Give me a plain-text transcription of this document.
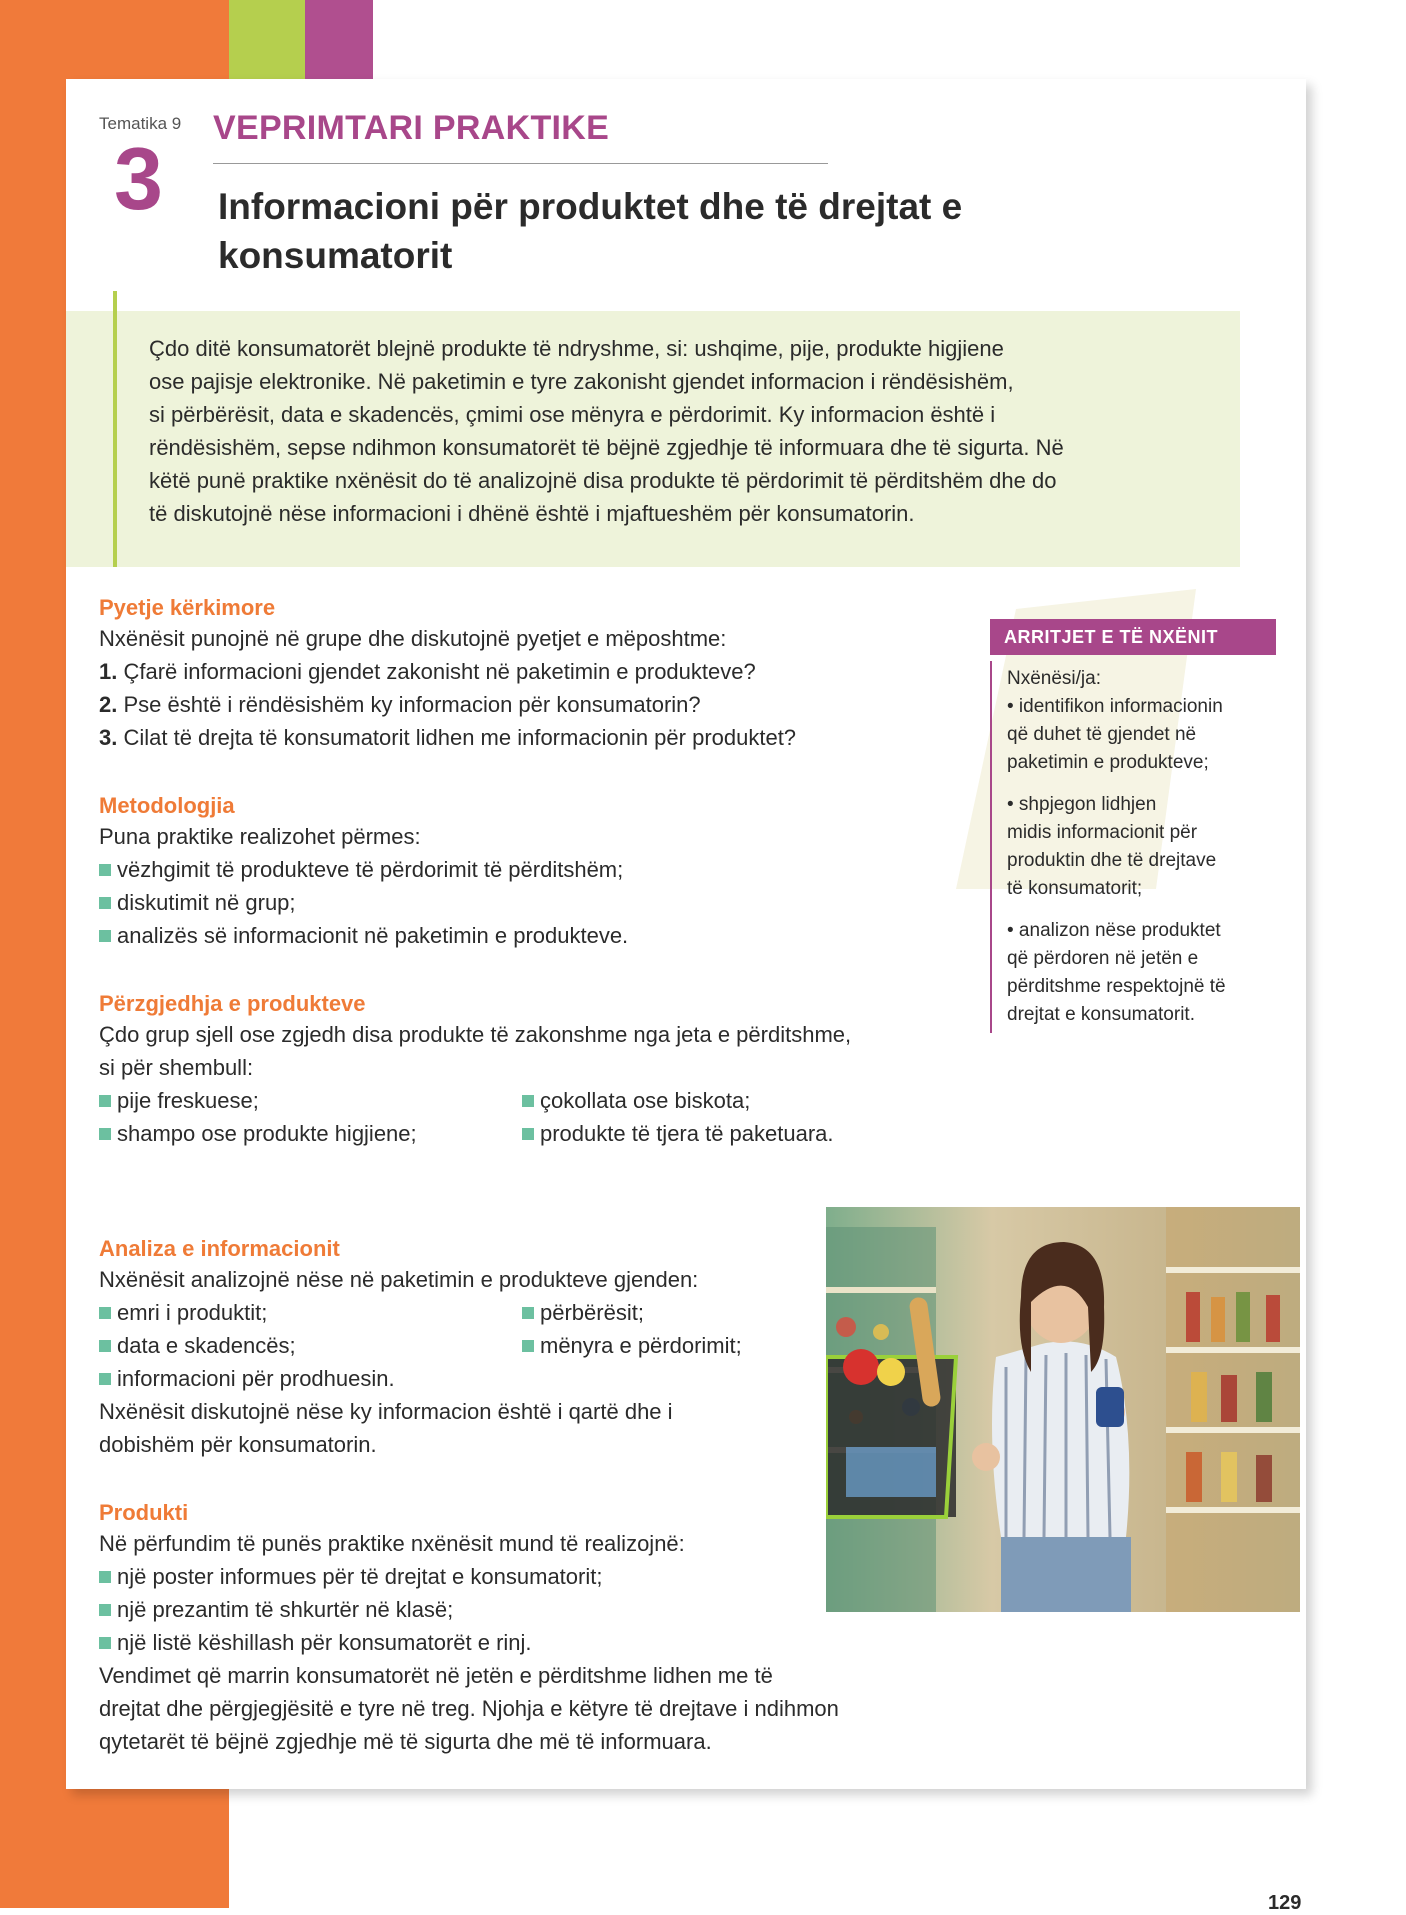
Tematika 9
3
VEPRIMTARI PRAKTIKE
Informacioni për produktet dhe të drejtat e
konsumatorit
Çdo ditë konsumatorët blejnë produkte të ndryshme, si: ushqime, pije, produkte higjiene
ose pajisje elektronike. Në paketimin e tyre zakonisht gjendet informacion i rëndësishëm,
si përbërësit, data e skadencës, çmimi ose mënyra e përdorimit. Ky informacion është i
rëndësishëm, sepse ndihmon konsumatorët të bëjnë zgjedhje të informuara dhe të sigurta. Në
këtë punë praktike nxënësit do të analizojnë disa produkte të përdorimit të përditshëm dhe do
të diskutojnë nëse informacioni i dhënë është i mjaftueshëm për konsumatorin.
Pyetje kërkimore
Nxënësit punojnë në grupe dhe diskutojnë pyetjet e mëposhtme:
1. Çfarë informacioni gjendet zakonisht në paketimin e produkteve?
2. Pse është i rëndësishëm ky informacion për konsumatorin?
3. Cilat të drejta të konsumatorit lidhen me informacionin për produktet?
Metodologjia
Puna praktike realizohet përmes:
vëzhgimit të produkteve të përdorimit të përditshëm;
diskutimit në grup;
analizës së informacionit në paketimin e produkteve.
Përzgjedhja e produkteve
Çdo grup sjell ose zgjedh disa produkte të zakonshme nga jeta e përditshme,
si për shembull:
pije freskuese;	çokollata ose biskota;
shampo ose produkte higjiene;	produkte të tjera të paketuara.
Analiza e informacionit
Nxënësit analizojnë nëse në paketimin e produkteve gjenden:
emri i produktit;	përbërësit;
data e skadencës;	mënyra e përdorimit;
informacioni për prodhuesin.
Nxënësit diskutojnë nëse ky informacion është i qartë dhe i
dobishëm për konsumatorin.
Produkti
Në përfundim të punës praktike nxënësit mund të realizojnë:
një poster informues për të drejtat e konsumatorit;
një prezantim të shkurtër në klasë;
një listë këshillash për konsumatorët e rinj.
Vendimet që marrin konsumatorët në jetën e përditshme lidhen me të
drejtat dhe përgjegjësitë e tyre në treg. Njohja e këtyre të drejtave i ndihmon
qytetarët të bëjnë zgjedhje më të sigurta dhe më të informuara.
ARRITJET E TË NXËNIT

Nxënësi/ja:

• identifikon informacionin
që duhet të gjendet në
paketimin e produkteve;

• shpjegon lidhjen
midis informacionit për
produktin dhe të drejtave
të konsumatorit;

• analizon nëse produktet
që përdoren në jetën e
përditshme respektojnë të
drejtat e konsumatorit.

129
